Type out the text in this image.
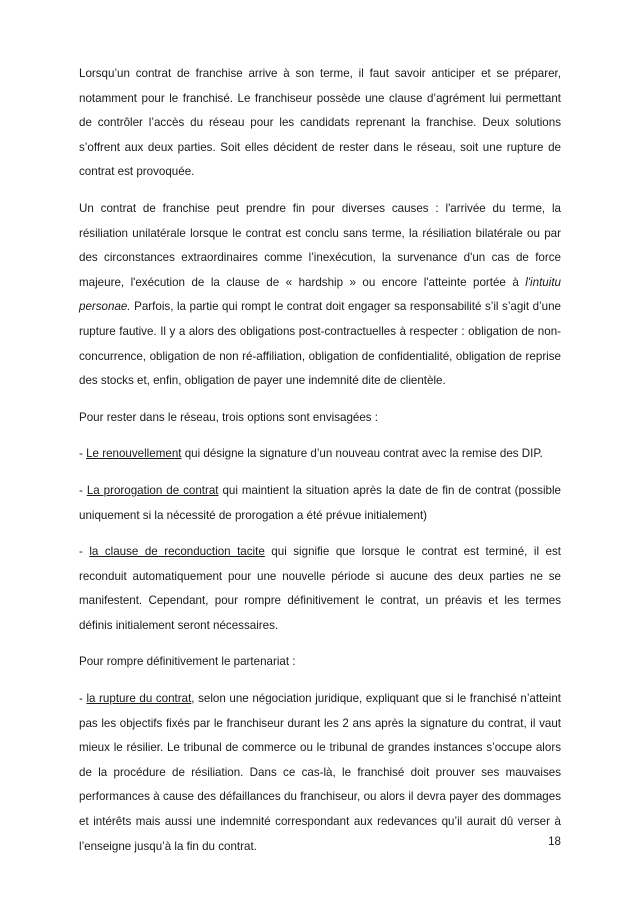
Lorsqu’un contrat de franchise arrive à son terme, il faut savoir anticiper et se préparer, notamment pour le franchisé. Le franchiseur possède une clause d’agrément lui permettant de contrôler l’accès du réseau pour les candidats reprenant la franchise. Deux solutions s’offrent aux deux parties. Soit elles décident de rester dans le réseau, soit une rupture de contrat est provoquée.

Un contrat de franchise peut prendre fin pour diverses causes : l'arrivée du terme, la résiliation unilatérale lorsque le contrat est conclu sans terme, la résiliation bilatérale ou par des circonstances extraordinaires comme l’inexécution, la survenance d'un cas de force majeure, l'exécution de la clause de « hardship » ou encore l'atteinte portée à l'intuitu personae. Parfois, la partie qui rompt le contrat doit engager sa responsabilité s’il s’agit d’une rupture fautive. Il y a alors des obligations post-contractuelles à respecter : obligation de non-concurrence, obligation de non ré-affiliation, obligation de confidentialité, obligation de reprise des stocks et, enfin, obligation de payer une indemnité dite de clientèle.

Pour rester dans le réseau, trois options sont envisagées :

- Le renouvellement qui désigne la signature d’un nouveau contrat avec la remise des DIP.

- La prorogation de contrat qui maintient la situation après la date de fin de contrat (possible uniquement si la nécessité de prorogation a été prévue initialement)

- la clause de reconduction tacite qui signifie que lorsque le contrat est terminé, il est reconduit automatiquement pour une nouvelle période si aucune des deux parties ne se manifestent. Cependant, pour rompre définitivement le contrat, un préavis et les termes définis initialement seront nécessaires.

Pour rompre définitivement le partenariat :

- la rupture du contrat, selon une négociation juridique, expliquant que si le franchisé n’atteint pas les objectifs fixés par le franchiseur durant les 2 ans après la signature du contrat, il vaut mieux le résilier. Le tribunal de commerce ou le tribunal de grandes instances s’occupe alors de la procédure de résiliation. Dans ce cas-là, le franchisé doit prouver ses mauvaises performances à cause des défaillances du franchiseur, ou alors il devra payer des dommages et intérêts mais aussi une indemnité correspondant aux redevances qu’il aurait dû verser à l’enseigne jusqu’à la fin du contrat.	18
